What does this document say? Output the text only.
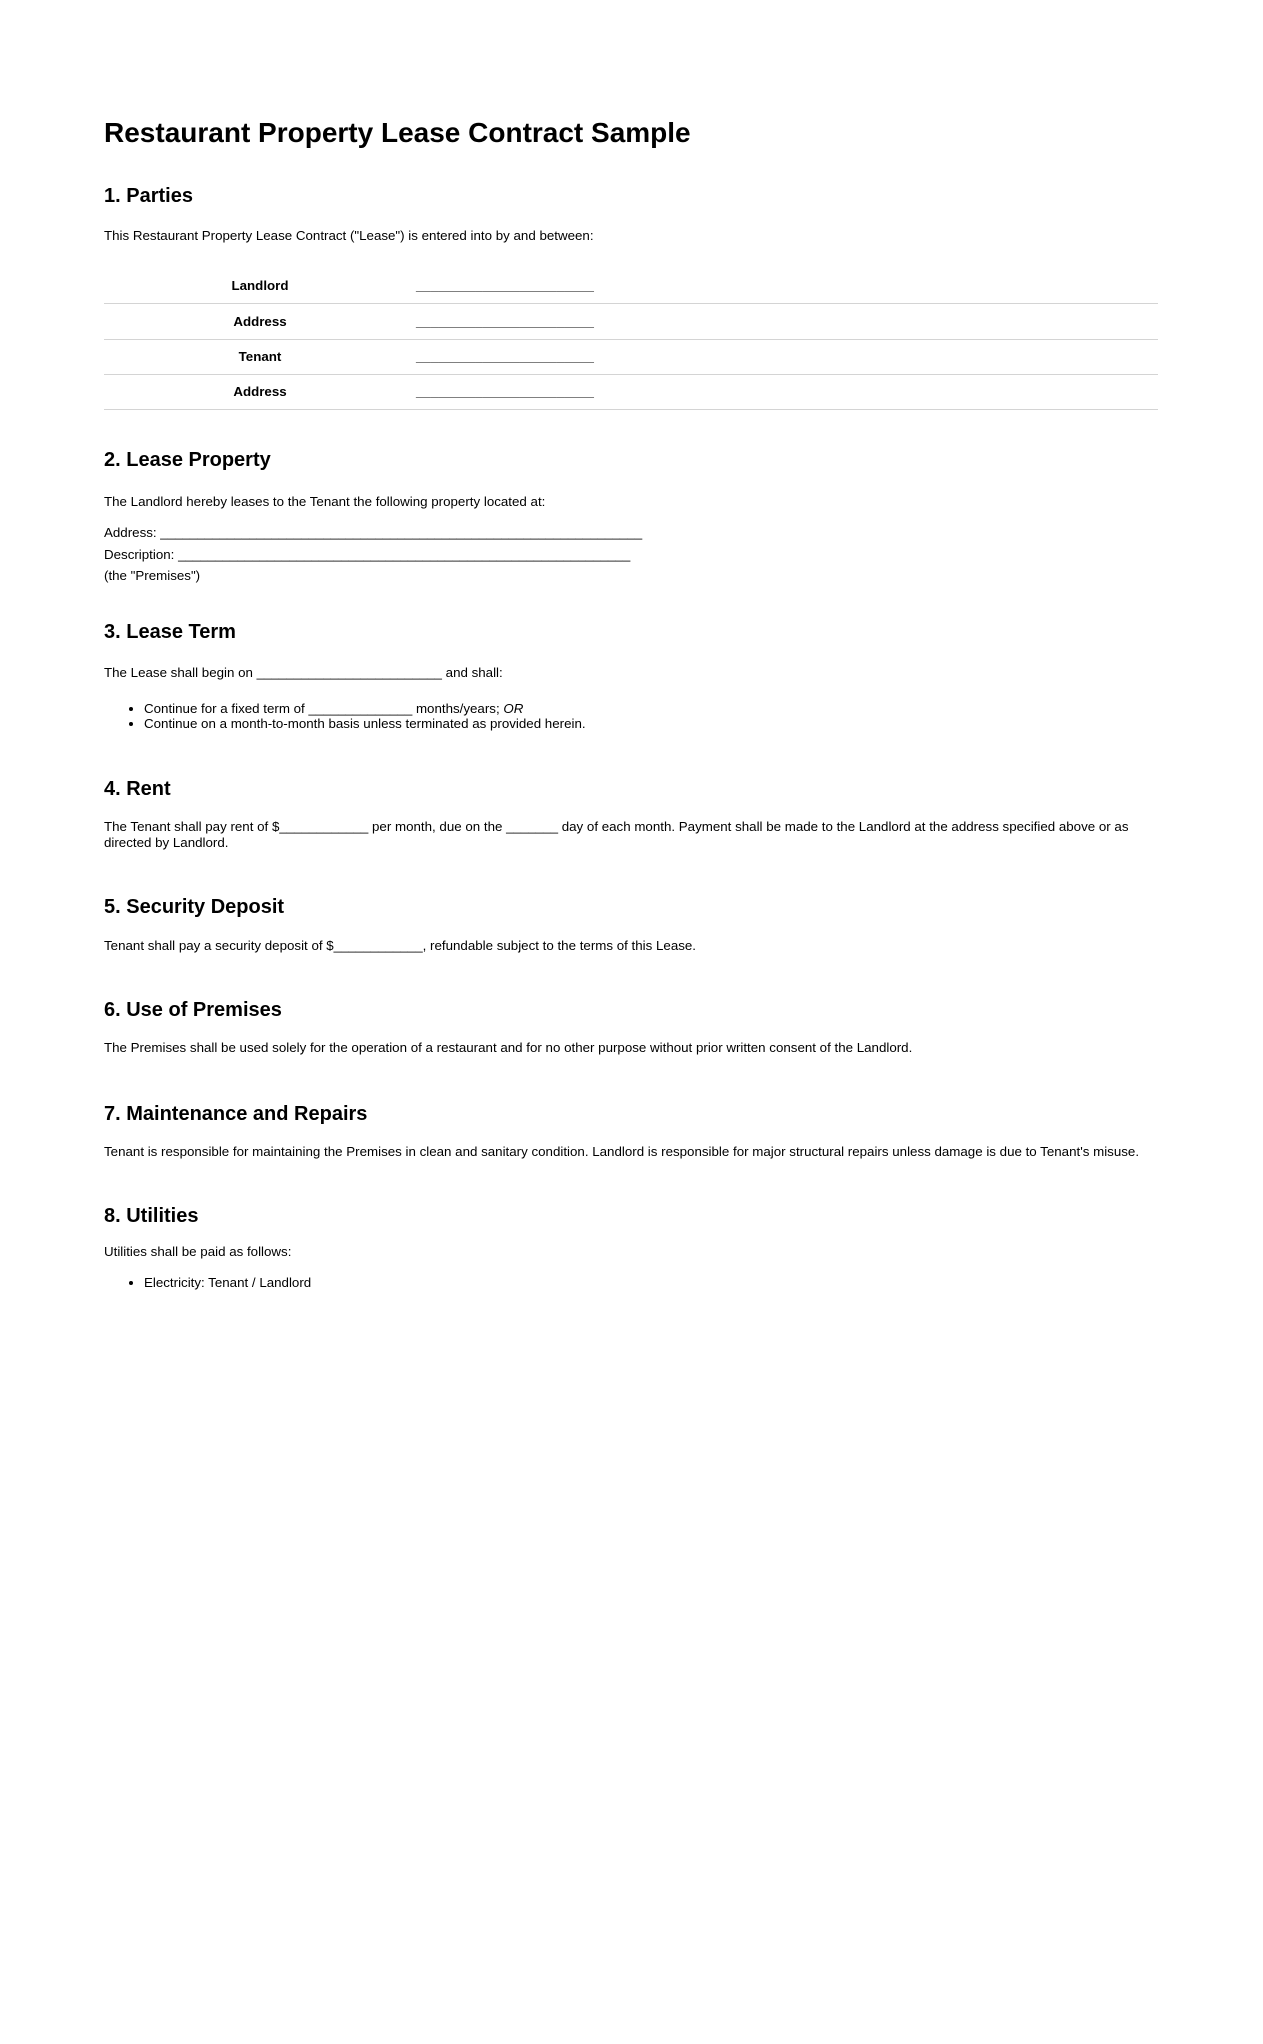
Restaurant Property Lease Contract Sample
1. Parties

This Restaurant Property Lease Contract ("Lease") is entered into by and between:

Landlord	________________________
Address	________________________
Tenant	________________________
Address	________________________
2. Lease Property

The Landlord hereby leases to the Tenant the following property located at:

Address: _________________________________________________________________
Description: _____________________________________________________________
(the "Premises")
3. Lease Term

The Lease shall begin on _________________________ and shall:

• Continue for a fixed term of ______________ months/years; OR
• Continue on a month-to-month basis unless terminated as provided herein.
4. Rent

The Tenant shall pay rent of $____________ per month, due on the _______ day of each month. Payment shall be made to the Landlord at the address specified above or as directed by Landlord.

5. Security Deposit

Tenant shall pay a security deposit of $____________, refundable subject to the terms of this Lease.

6. Use of Premises

The Premises shall be used solely for the operation of a restaurant and for no other purpose without prior written consent of the Landlord.

7. Maintenance and Repairs

Tenant is responsible for maintaining the Premises in clean and sanitary condition. Landlord is responsible for major structural repairs unless damage is due to Tenant's misuse.

8. Utilities

Utilities shall be paid as follows:

• Electricity: Tenant / Landlord
